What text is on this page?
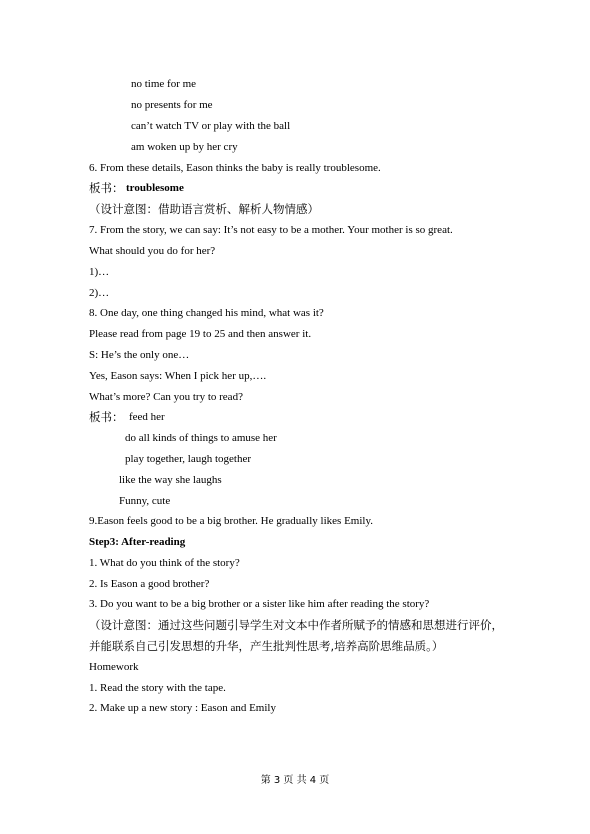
no time for me
no presents for me
can’t watch TV or play with the ball
am woken up by her cry
6. From these details, Eason thinks the baby is really troublesome.
板书： troublesome
（设计意图：借助语言赏析、解析人物情感）
7. From the story, we can say: It’s not easy to be a mother. Your mother is so great.
What should you do for her?
1)…
2)…
8. One day, one thing changed his mind, what was it?
Please read from page 19 to 25 and then answer it.
S: He’s the only one…
Yes, Eason says: When I pick her up,….
What’s more? Can you try to read?
板书： feed her
do all kinds of things to amuse her
play together, laugh together
like the way she laughs
Funny, cute
9.Eason feels good to be a big brother. He gradually likes Emily.
Step3: After-reading
1. What do you think of the story?
2. Is Eason a good brother?
3. Do you want to be a big brother or a sister like him after reading the story?
（设计意图：通过这些问题引导学生对文本中作者所赋予的情感和思想进行评价，
并能联系自己引发思想的升华，产生批判性思考,培养高阶思维品质。）
Homework
1. Read the story with the tape.
2. Make up a new story : Eason and Emily
第 3 页 共 4 页
